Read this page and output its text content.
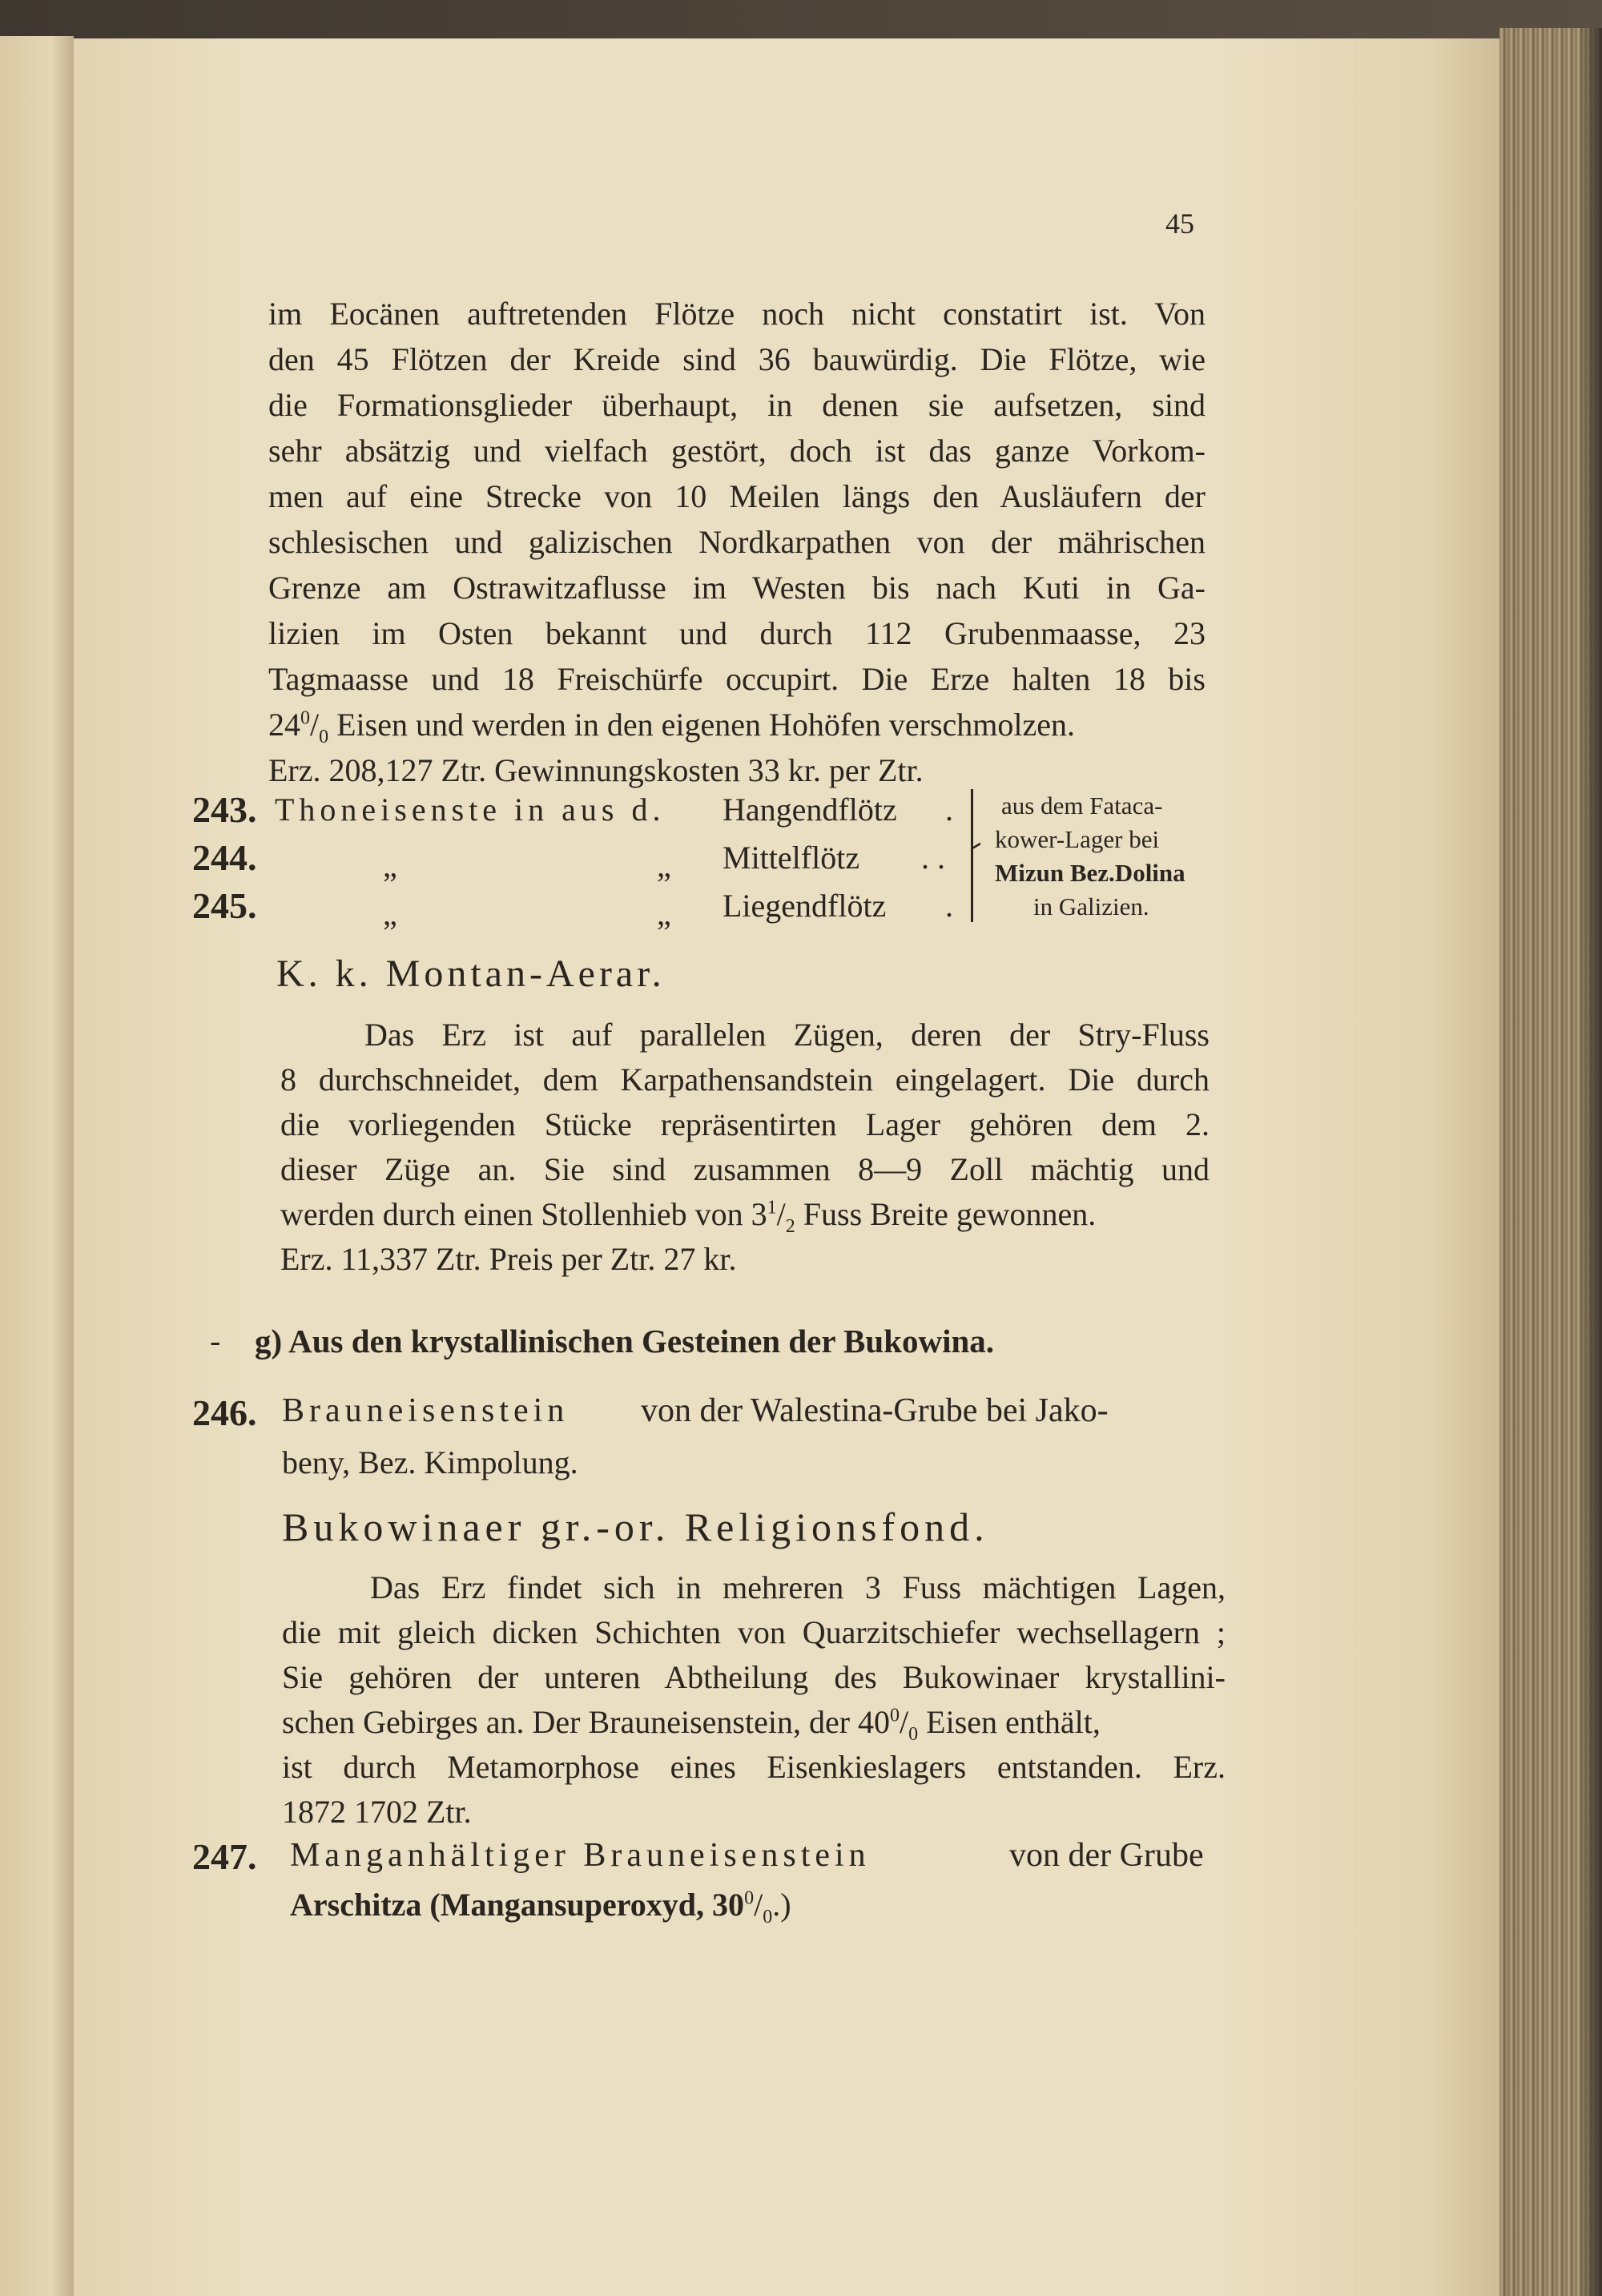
45
im Eocänen auftretenden Flötze noch nicht constatirt ist. Von
den 45 Flötzen der Kreide sind 36 bauwürdig. Die Flötze, wie
die Formationsglieder überhaupt, in denen sie aufsetzen, sind
sehr absätzig und vielfach gestört, doch ist das ganze Vorkom-
men auf eine Strecke von 10 Meilen längs den Ausläufern der
schlesischen und galizischen Nordkarpathen von der mährischen
Grenze am Ostrawitzaflusse im Westen bis nach Kuti in Ga-
lizien im Osten bekannt und durch 112 Grubenmaasse, 23
Tagmaasse und 18 Freischürfe occupirt. Die Erze halten 18 bis
$24^0/_0$ Eisen und werden in den eigenen Hohöfen verschmolzen.
Erz. 208,127 Ztr. Gewinnungskosten 33 kr. per Ztr.
243. Thoneisenste in aus d. Hangendflötz .
244.	„	„ Mittelflötz . .
245.	„	„ Liegendflötz .
aus dem Fataca-
kower-Lager bei
Mizun Bez.Dolina
in Galizien.
K. k. Montan-Aerar.
Das Erz ist auf parallelen Zügen, deren der Stry-Fluss
8 durchschneidet, dem Karpathensandstein eingelagert. Die durch
die vorliegenden Stücke repräsentirten Lager gehören dem 2.
dieser Züge an. Sie sind zusammen 8—9 Zoll mächtig und
werden durch einen Stollenhieb von $3^1/_2$ Fuss Breite gewonnen.
Erz. 11,337 Ztr. Preis per Ztr. 27 kr.
‐ g) Aus den krystallinischen Gesteinen der Bukowina.
246. Brauneisenstein von der Walestina-Grube bei Jako-
beny, Bez. Kimpolung.
Bukowinaer gr.-or. Religionsfond.
Das Erz findet sich in mehreren 3 Fuss mächtigen Lagen,
die mit gleich dicken Schichten von Quarzitschiefer wechsellagern ;
Sie gehören der unteren Abtheilung des Bukowinaer krystallini-
schen Gebirges an. Der Brauneisenstein, der $40^0/_0$ Eisen enthält,
ist durch Metamorphose eines Eisenkieslagers entstanden. Erz.
1872 1702 Ztr.
247. Manganhältiger Brauneisenstein	von der Grube
Arschitza (Mangansuperoxyd, $30^0/_0$.)
